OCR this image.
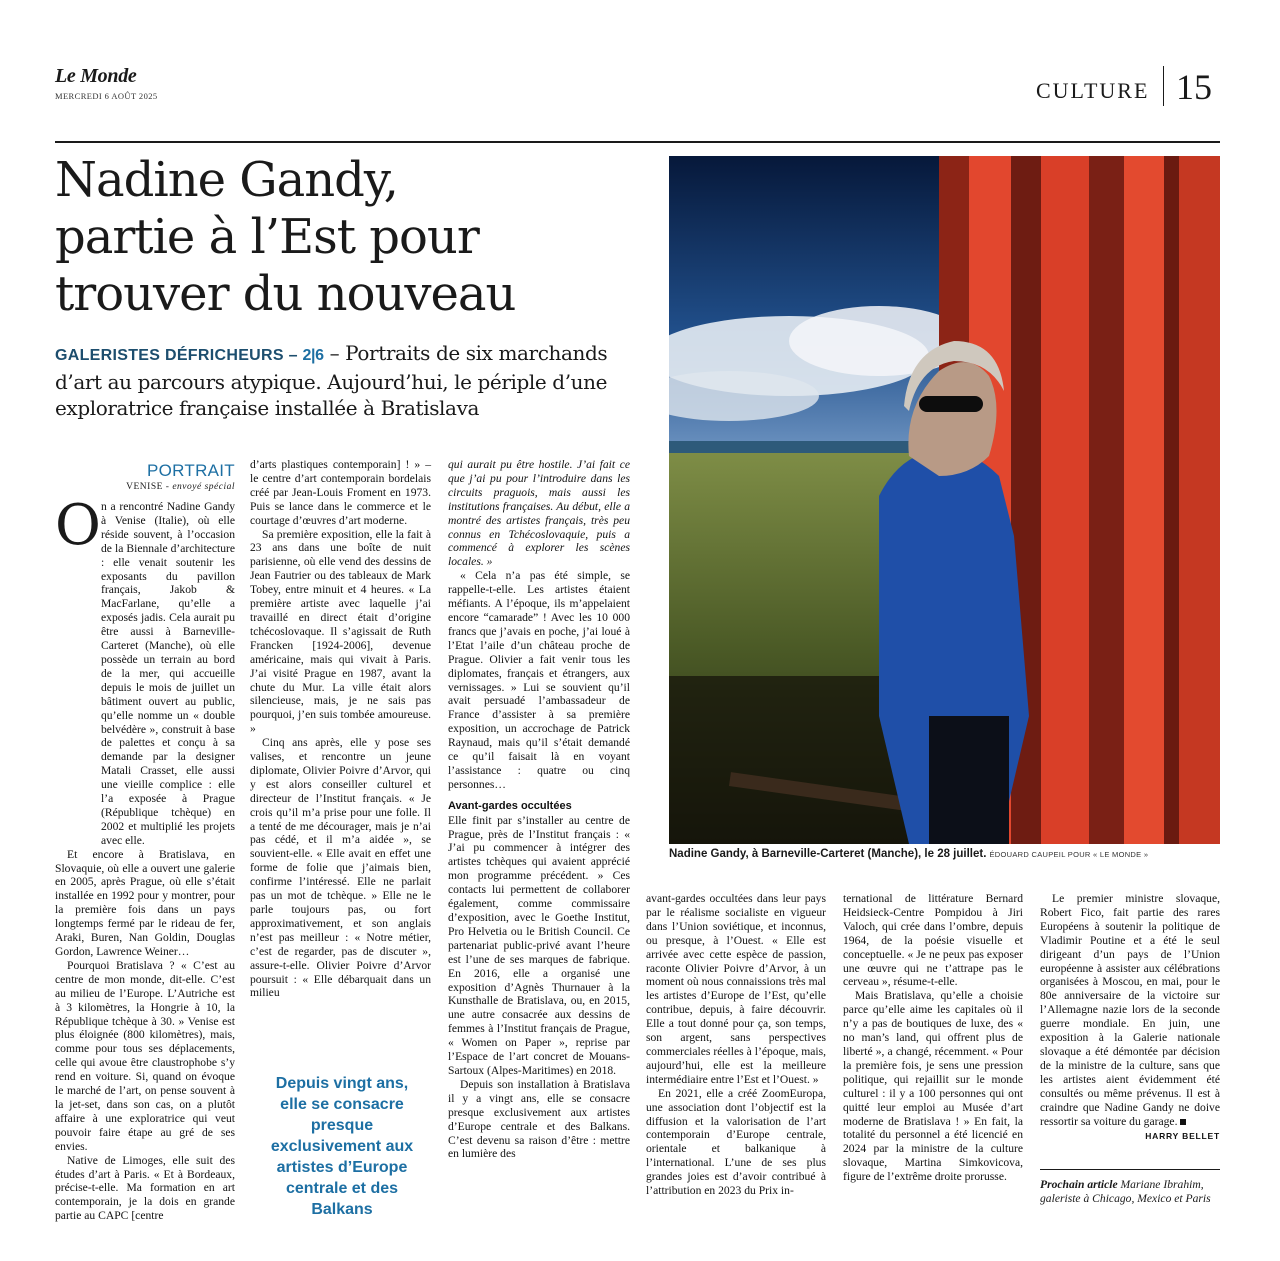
Le Monde
MERCREDI 6 AOÛT 2025	CULTURE 15
Nadine Gandy,
partie à l’Est pour
trouver du nouveau
GALERISTES DÉFRICHEURS – 2|6 – Portraits de six marchands d’art au parcours atypique. Aujourd’hui, le périple d’une exploratrice française installée à Bratislava
Nadine Gandy, à Barneville-Carteret (Manche), le 28 juillet. ÉDOUARD CAUPEIL POUR « LE MONDE »
PORTRAIT
VENISE - envoyé spécial
O n a rencontré Nadine Gandy à Venise (Italie), où elle réside souvent, à l’occasion de la Biennale d’architecture : elle venait soutenir les exposants du pavillon français, Jakob & MacFarlane, qu’elle a exposés jadis. Cela aurait pu être aussi à Barneville-Carteret (Manche), où elle possède un terrain au bord de la mer, qui accueille depuis le mois de juillet un bâtiment ouvert au public, qu’elle nomme un « double belvédère », construit à base de palettes et conçu à sa demande par la designer Matali Crasset, elle aussi une vieille complice : elle l’a exposée à Prague (République tchèque) en 2002 et multiplié les projets avec elle.

Et encore à Bratislava, en Slovaquie, où elle a ouvert une galerie en 2005, après Prague, où elle s’était installée en 1992 pour y montrer, pour la première fois dans un pays longtemps fermé par le rideau de fer, Araki, Buren, Nan Goldin, Douglas Gordon, Lawrence Weiner…

Pourquoi Bratislava ? « C’est au centre de mon monde, dit-elle. C’est au milieu de l’Europe. L’Autriche est à 3 kilomètres, la Hongrie à 10, la République tchèque à 30. » Venise est plus éloignée (800 kilomètres), mais, comme pour tous ses déplacements, celle qui avoue être claustrophobe s’y rend en voiture. Si, quand on évoque le marché de l’art, on pense souvent à la jet-set, dans son cas, on a plutôt affaire à une exploratrice qui veut pouvoir faire étape au gré de ses envies.

Native de Limoges, elle suit des études d’art à Paris. « Et à Bordeaux, précise-t-elle. Ma formation en art contemporain, je la dois en grande partie au CAPC [centre

d’arts plastiques contemporain] ! » – le centre d’art contemporain bordelais créé par Jean-Louis Froment en 1973. Puis se lance dans le commerce et le courtage d’œuvres d’art moderne.

Sa première exposition, elle la fait à 23 ans dans une boîte de nuit parisienne, où elle vend des dessins de Jean Fautrier ou des tableaux de Mark Tobey, entre minuit et 4 heures. « La première artiste avec laquelle j’ai travaillé en direct était d’origine tchécoslovaque. Il s’agissait de Ruth Francken [1924-2006], devenue américaine, mais qui vivait à Paris. J’ai visité Prague en 1987, avant la chute du Mur. La ville était alors silencieuse, mais, je ne sais pas pourquoi, j’en suis tombée amoureuse. »

Cinq ans après, elle y pose ses valises, et rencontre un jeune diplomate, Olivier Poivre d’Arvor, qui y est alors conseiller culturel et directeur de l’Institut français. « Je crois qu’il m’a prise pour une folle. Il a tenté de me décourager, mais je n’ai pas cédé, et il m’a aidée », se souvient-elle. « Elle avait en effet une forme de folie que j’aimais bien, confirme l’intéressé. Elle ne parlait pas un mot de tchèque. » Elle ne le parle toujours pas, ou fort approximativement, et son anglais n’est pas meilleur : « Notre métier, c’est de regarder, pas de discuter », assure-t-elle. Olivier Poivre d’Arvor poursuit : « Elle débarquait dans un milieu

Depuis vingt ans, elle se consacre presque exclusivement aux artistes d’Europe centrale et des Balkans

qui aurait pu être hostile. J’ai fait ce que j’ai pu pour l’introduire dans les circuits praguois, mais aussi les institutions françaises. Au début, elle a montré des artistes français, très peu connus en Tchécoslovaquie, puis a commencé à explorer les scènes locales. »

« Cela n’a pas été simple, se rappelle-t-elle. Les artistes étaient méfiants. A l’époque, ils m’appelaient encore “camarade” ! Avec les 10 000 francs que j’avais en poche, j’ai loué à l’Etat l’aile d’un château proche de Prague. Olivier a fait venir tous les diplomates, français et étrangers, aux vernissages. » Lui se souvient qu’il avait persuadé l’ambassadeur de France d’assister à sa première exposition, un accrochage de Patrick Raynaud, mais qu’il s’était demandé ce qu’il faisait là en voyant l’assistance : quatre ou cinq personnes…

Avant-gardes occultées

Elle finit par s’installer au centre de Prague, près de l’Institut français : « J’ai pu commencer à intégrer des artistes tchèques qui avaient apprécié mon programme précédent. » Ces contacts lui permettent de collaborer également, comme commissaire d’exposition, avec le Goethe Institut, Pro Helvetia ou le British Council. Ce partenariat public-privé avant l’heure est l’une de ses marques de fabrique. En 2016, elle a organisé une exposition d’Agnès Thurnauer à la Kunsthalle de Bratislava, ou, en 2015, une autre consacrée aux dessins de femmes à l’Institut français de Prague, « Women on Paper », reprise par l’Espace de l’art concret de Mouans-Sartoux (Alpes-Maritimes) en 2018.

Depuis son installation à Bratislava il y a vingt ans, elle se consacre presque exclusivement aux artistes d’Europe centrale et des Balkans. C’est devenu sa raison d’être : mettre en lumière des

avant-gardes occultées dans leur pays par le réalisme socialiste en vigueur dans l’Union soviétique, et inconnus, ou presque, à l’Ouest. « Elle est arrivée avec cette espèce de passion, raconte Olivier Poivre d’Arvor, à un moment où nous connaissions très mal les artistes d’Europe de l’Est, qu’elle contribue, depuis, à faire découvrir. Elle a tout donné pour ça, son temps, son argent, sans perspectives commerciales réelles à l’époque, mais, aujourd’hui, elle est la meilleure intermédiaire entre l’Est et l’Ouest. »

En 2021, elle a créé ZoomEuropa, une association dont l’objectif est la diffusion et la valorisation de l’art contemporain d’Europe centrale, orientale et balkanique à l’international. L’une de ses plus grandes joies est d’avoir contribué à l’attribution en 2023 du Prix in-

ternational de littérature Bernard Heidsieck-Centre Pompidou à Jiri Valoch, qui crée dans l’ombre, depuis 1964, de la poésie visuelle et conceptuelle. « Je ne peux pas exposer une œuvre qui ne t’attrape pas le cerveau », résume-t-elle.

Mais Bratislava, qu’elle a choisie parce qu’elle aime les capitales où il n’y a pas de boutiques de luxe, des « no man’s land, qui offrent plus de liberté », a changé, récemment. « Pour la première fois, je sens une pression politique, qui rejaillit sur le monde culturel : il y a 100 personnes qui ont quitté leur emploi au Musée d’art moderne de Bratislava ! » En fait, la totalité du personnel a été licencié en 2024 par la ministre de la culture slovaque, Martina Simkovicova, figure de l’extrême droite prorusse.

Le premier ministre slovaque, Robert Fico, fait partie des rares Européens à soutenir la politique de Vladimir Poutine et a été le seul dirigeant d’un pays de l’Union européenne à assister aux célébrations organisées à Moscou, en mai, pour le 80e anniversaire de la victoire sur l’Allemagne nazie lors de la seconde guerre mondiale. En juin, une exposition à la Galerie nationale slovaque a été démontée par décision de la ministre de la culture, sans que les artistes aient évidemment été consultés ou même prévenus. Il est à craindre que Nadine Gandy ne doive ressortir sa voiture du garage.

HARRY BELLET
Prochain article Mariane Ibrahim, galeriste à Chicago, Mexico et Paris
